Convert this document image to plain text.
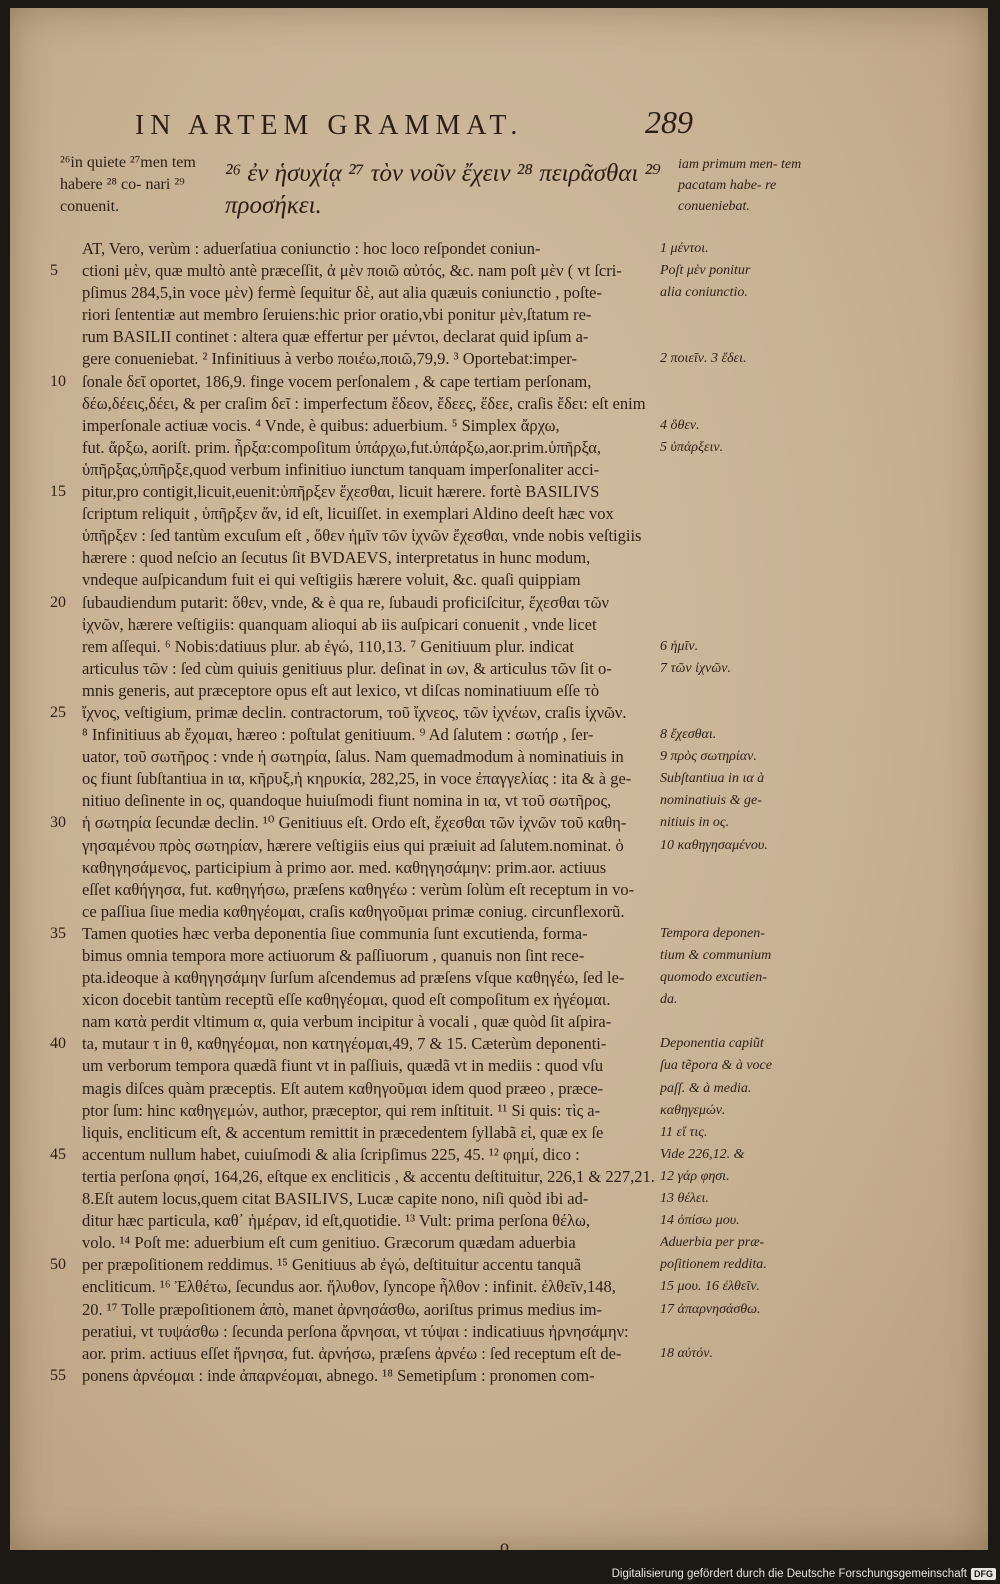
IN ARTEM GRAMMAT.	289
²⁶in quiete ²⁷men tem habere ²⁸ co- nari ²⁹ conuenit.
²⁶ ἐν ἡσυχίᾳ ²⁷ τὸν νοῦν ἔχειν ²⁸ πειρᾶσθαι ²⁹ προσήκει.
iam primum men- tem pacatam habe- re conueniebat.
AT, Vero, verùm : aduerſatiua coniunctio : hoc loco reſpondet coniun-
5	ctioni μὲν, quæ multò antè præceſſit, ἀ μὲν ποιῶ αὐτός, &c. nam poſt μὲν ( vt ſcri-
pſimus 284,5,in voce μὲν) fermè ſequitur δὲ, aut alia quæuis coniunctio , poſte-
riori ſententiæ aut membro ſeruiens:hic prior oratio,vbi ponitur μὲν,ſtatum re-
rum BASILII continet : altera quæ effertur per μέντοι, declarat quid ipſum a-
gere conueniebat. ² Infinitiuus à verbo ποιέω,ποιῶ,79,9. ³ Oportebat:imper-
10 ſonale δεῖ oportet, 186,9. finge vocem perſonalem , & cape tertiam perſonam,
δέω,δέεις,δέει, & per craſim δεῖ : imperfectum ἔδεον, ἔδεες, ἔδεε, craſis ἔδει: eſt enim
imperſonale actiuæ vocis. ⁴ Vnde, è quibus: aduerbium. ⁵ Simplex ἄρχω,
fut. ἄρξω, aoriſt. prim. ἦρξα:compoſitum ὑπάρχω,fut.ὑπάρξω,aor.prim.ὑπῆρξα,
ὑπῆρξας,ὑπῆρξε,quod verbum infinitiuo iunctum tanquam imperſonaliter acci-
15 pitur,pro contigit,licuit,euenit:ὑπῆρξεν ἔχεσθαι, licuit hærere. fortè BASILIVS
ſcriptum reliquit , ὑπῆρξεν ἄν, id eſt, licuiſſet. in exemplari Aldino deeſt hæc vox
ὑπῆρξεν : ſed tantùm excuſum eſt , ὅθεν ἡμῖν τῶν ἰχνῶν ἔχεσθαι, vnde nobis veſtigiis
hærere : quod neſcio an ſecutus ſit BVDAEVS, interpretatus in hunc modum,
vndeque auſpicandum fuit ei qui veſtigiis hærere voluit, &c. quaſi quippiam
20 ſubaudiendum putarit: ὅθεν, vnde, & è qua re, ſubaudi proficiſcitur, ἔχεσθαι τῶν
ἰχνῶν, hærere veſtigiis: quanquam alioqui ab iis auſpicari conuenit , vnde licet
rem aſſequi. ⁶ Nobis:datiuus plur. ab ἐγώ, 110,13. ⁷ Genitiuum plur. indicat
articulus τῶν : ſed cùm quiuis genitiuus plur. deſinat in ων, & articulus τῶν ſit o-
mnis generis, aut præceptore opus eſt aut lexico, vt diſcas nominatiuum eſſe τὸ
25 ἴχνος, veſtigium, primæ declin. contractorum, τοῦ ἴχνεος, τῶν ἰχνέων, craſis ἰχνῶν.
⁸ Infinitiuus ab ἔχομαι, hæreo : poſtulat genitiuum. ⁹ Ad ſalutem : σωτήρ , ſer-
uator, τοῦ σωτῆρος : vnde ἡ σωτηρία, ſalus. Nam quemadmodum à nominatiuis in
ος fiunt ſubſtantiua in ια, κῆρυξ,ἡ κηρυκία, 282,25, in voce ἐπαγγελίας : ita & à ge-
nitiuo deſinente in ος, quandoque huiuſmodi fiunt nomina in ια, vt τοῦ σωτῆρος,
30 ἡ σωτηρία ſecundæ declin. ¹⁰ Genitiuus eſt. Ordo eſt, ἔχεσθαι τῶν ἰχνῶν τοῦ καθη-
γησαμένου πρὸς σωτηρίαν, hærere veſtigiis eius qui præiuit ad ſalutem.nominat. ὁ
καθηγησάμενος, participium à primo aor. med. καθηγησάμην: prim.aor. actiuus
eſſet καθήγησα, fut. καθηγήσω, præſens καθηγέω : verùm ſolùm eſt receptum in vo-
ce paſſiua ſiue media καθηγέομαι, craſis καθηγοῦμαι primæ coniug. circunflexorũ.
35 Tamen quoties hæc verba deponentia ſiue communia ſunt excutienda, forma-
bimus omnia tempora more actiuorum & paſſiuorum , quanuis non ſint rece-
pta.ideoque à καθηγησάμην ſurſum aſcendemus ad præſens vſque καθηγέω, ſed le-
xicon docebit tantùm receptũ eſſe καθηγέομαι, quod eſt compoſitum ex ἡγέομαι.
nam κατὰ perdit vltimum α, quia verbum incipitur à vocali , quæ quòd ſit aſpira-
40 ta, mutaur τ in θ, καθηγέομαι, non κατηγέομαι,49, 7 & 15. Cæterùm deponenti-
um verborum tempora quædã fiunt vt in paſſiuis, quædã vt in mediis : quod vſu
magis diſces quàm præceptis. Eſt autem καθηγοῦμαι idem quod præeo , præce-
ptor ſum: hinc καθηγεμών, author, præceptor, qui rem inſtituit. ¹¹ Si quis: τὶς a-
liquis, encliticum eſt, & accentum remittit in præcedentem ſyllabã εἰ, quæ ex ſe
45 accentum nullum habet, cuiuſmodi & alia ſcripſimus 225, 45. ¹² φημί, dico :
tertia perſona φησί, 164,26, eſtque ex encliticis , & accentu deſtituitur, 226,1 & 227,21.
8.Eſt autem locus,quem citat BASILIVS, Lucæ capite nono, niſi quòd ibi ad-
ditur hæc particula, καθ᾽ ἡμέραν, id eſt,quotidie. ¹³ Vult: prima perſona θέλω,
volo. ¹⁴ Poſt me: aduerbium eſt cum genitiuo. Græcorum quædam aduerbia
50 per præpoſitionem reddimus. ¹⁵ Genitiuus ab ἐγώ, deſtituitur accentu tanquã
encliticum. ¹⁶ Ἐλθέτω, ſecundus aor. ἤλυθον, ſyncope ἦλθον : infinit. ἐλθεῖν,148,
20. ¹⁷ Tolle præpoſitionem ἀπὸ, manet ἀρνησάσθω, aoriſtus primus medius im-
peratiui, vt τυψάσθω : ſecunda perſona ἄρνησαι, vt τύψαι : indicatiuus ἠρνησάμην:
aor. prim. actiuus eſſet ἤρνησα, fut. ἀρνήσω, præſens ἀρνέω : ſed receptum eſt de-
55 ponens ἀρνέομαι : inde ἀπαρνέομαι, abnego. ¹⁸ Semetipſum : pronomen com-
1 μέντοι.
Poſt μὲν ponitur
alia coniunctio.
2 ποιεῖν. 3 ἔδει.
4 ὅθεν.
5 ὑπάρξειν.
6 ἡμῖν.
7 τῶν ἰχνῶν.
8 ἔχεσθαι.
9 πρὸς σωτηρίαν.
Subſtantiua in ια à
nominatiuis & ge-
nitiuis in ος.
10 καθηγησαμένου.
Tempora deponen-
tium & communium
quomodo excutien-
da.
Deponentia capiũt
ſua tẽpora & à voce
paſſ. & à media.
καθηγεμών.
11 εἴ τις.
Vide 226,12. &
12 γάρ φησι.
13 θέλει.
14 ὀπίσω μου.
Aduerbia per præ-
poſitionem reddita.
15 μου. 16 ἐλθεῖν.
17 ἀπαρνησάσθω.
18 αὐτόν.
o
Digitalisierung gefördert durch die Deutsche Forschungsgemeinschaft DFG
